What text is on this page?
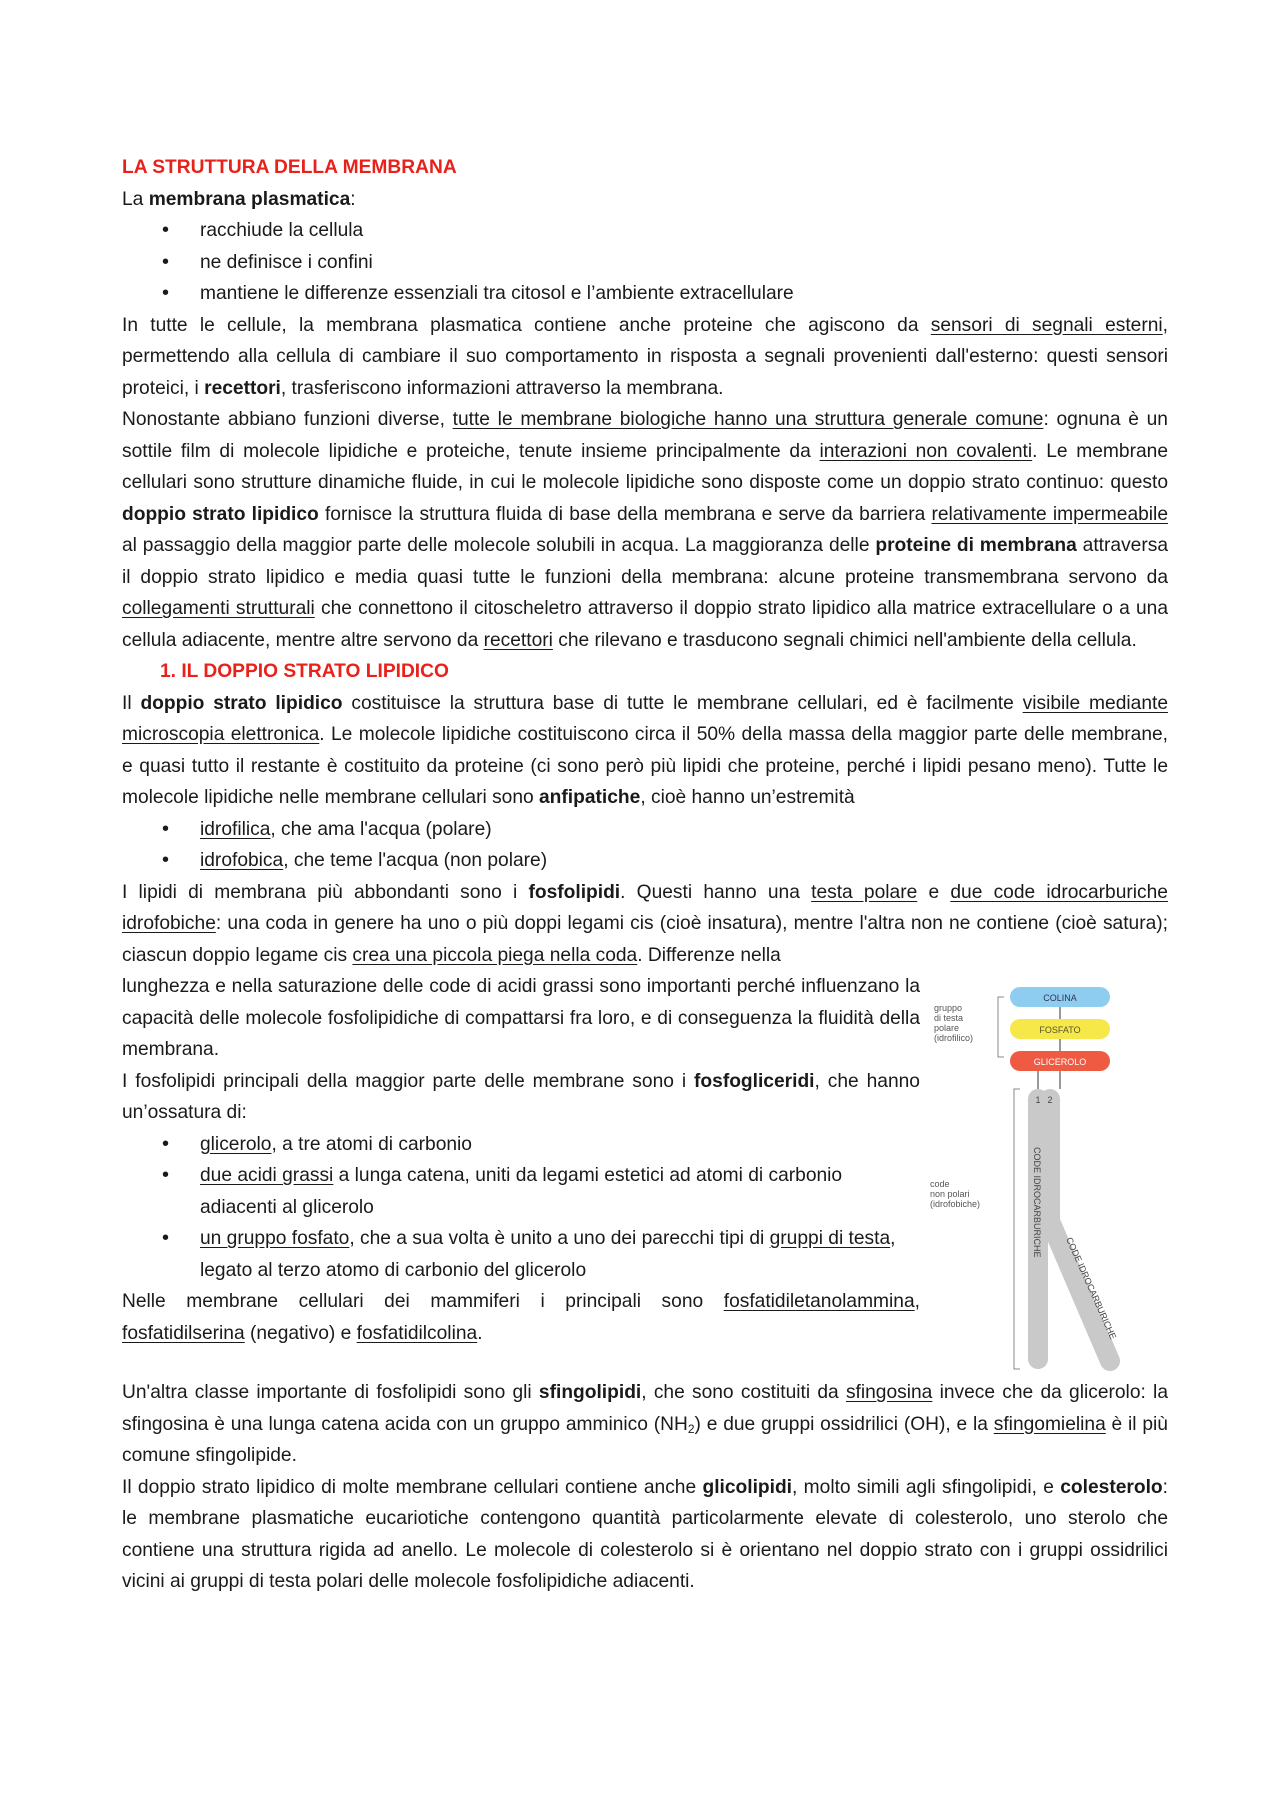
LA STRUTTURA DELLA MEMBRANA

La membrana plasmatica:

• racchiude la cellula
• ne definisce i confini
• mantiene le differenze essenziali tra citosol e l’ambiente extracellulare

In tutte le cellule, la membrana plasmatica contiene anche proteine che agiscono da sensori di segnali esterni, permettendo alla cellula di cambiare il suo comportamento in risposta a segnali provenienti dall'esterno: questi sensori proteici, i recettori, trasferiscono informazioni attraverso la membrana.

Nonostante abbiano funzioni diverse, tutte le membrane biologiche hanno una struttura generale comune: ognuna è un sottile film di molecole lipidiche e proteiche, tenute insieme principalmente da interazioni non covalenti. Le membrane cellulari sono strutture dinamiche fluide, in cui le molecole lipidiche sono disposte come un doppio strato continuo: questo doppio strato lipidico fornisce la struttura fluida di base della membrana e serve da barriera relativamente impermeabile al passaggio della maggior parte delle molecole solubili in acqua. La maggioranza delle proteine di membrana attraversa il doppio strato lipidico e media quasi tutte le funzioni della membrana: alcune proteine transmembrana servono da collegamenti strutturali che connettono il citoscheletro attraverso il doppio strato lipidico alla matrice extracellulare o a una cellula adiacente, mentre altre servono da recettori che rilevano e trasducono segnali chimici nell'ambiente della cellula.

1. IL DOPPIO STRATO LIPIDICO

Il doppio strato lipidico costituisce la struttura base di tutte le membrane cellulari, ed è facilmente visibile mediante microscopia elettronica. Le molecole lipidiche costituiscono circa il 50% della massa della maggior parte delle membrane, e quasi tutto il restante è costituito da proteine (ci sono però più lipidi che proteine, perché i lipidi pesano meno). Tutte le molecole lipidiche nelle membrane cellulari sono anfipatiche, cioè hanno un’estremità

• idrofilica, che ama l'acqua (polare)
• idrofobica, che teme l'acqua (non polare)

I lipidi di membrana più abbondanti sono i fosfolipidi. Questi hanno una testa polare e due code idrocarburiche idrofobiche: una coda in genere ha uno o più doppi legami cis (cioè insatura), mentre l'altra non ne contiene (cioè satura); ciascun doppio legame cis crea una piccola piega nella coda. Differenze nella

lunghezza e nella saturazione delle code di acidi grassi sono importanti perché influenzano la capacità delle molecole fosfolipidiche di compattarsi fra loro, e di conseguenza la fluidità della membrana.

I fosfolipidi principali della maggior parte delle membrane sono i fosfogliceridi, che hanno un’ossatura di:

• glicerolo, a tre atomi di carbonio
• due acidi grassi a lunga catena, uniti da legami estetici ad atomi di carbonio adiacenti al glicerolo
• un gruppo fosfato, che a sua volta è unito a uno dei parecchi tipi di gruppi di testa, legato al terzo atomo di carbonio del glicerolo

Nelle membrane cellulari dei mammiferi i principali sono fosfatidiletanolammina, fosfatidilserina (negativo) e fosfatidilcolina.

gruppo di testa polare (idrofilico)
COLINA
FOSFATO
GLICEROLO
code non polari (idrofobiche)
1 2
CODE IDROCARBURICHE
CODE IDROCARBURICHE

Un'altra classe importante di fosfolipidi sono gli sfingolipidi, che sono costituiti da sfingosina invece che da glicerolo: la sfingosina è una lunga catena acida con un gruppo amminico $(NH_2)$ e due gruppi ossidrilici (OH), e la sfingomielina è il più comune sfingolipide.

Il doppio strato lipidico di molte membrane cellulari contiene anche glicolipidi, molto simili agli sfingolipidi, e colesterolo: le membrane plasmatiche eucariotiche contengono quantità particolarmente elevate di colesterolo, uno sterolo che contiene una struttura rigida ad anello. Le molecole di colesterolo si è orientano nel doppio strato con i gruppi ossidrilici vicini ai gruppi di testa polari delle molecole fosfolipidiche adiacenti.
